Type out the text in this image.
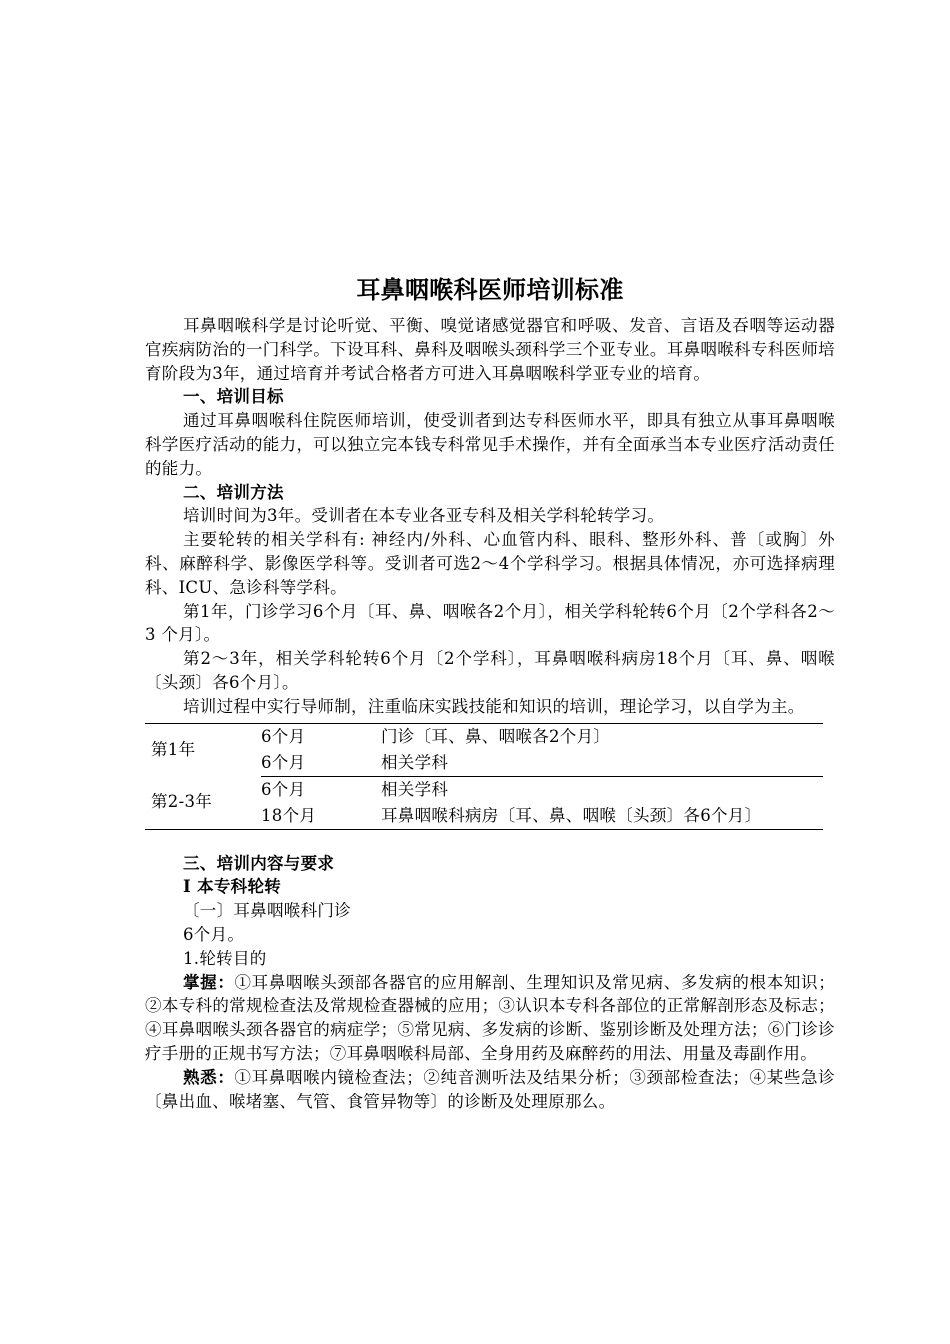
耳鼻咽喉科医师培训标准

耳鼻咽喉科学是讨论听觉、平衡、嗅觉诸感觉器官和呼吸、发音、言语及吞咽等运动器官疾病防治的一门科学。下设耳科、鼻科及咽喉头颈科学三个亚专业。耳鼻咽喉科专科医师培育阶段为3年，通过培育并考试合格者方可进入耳鼻咽喉科学亚专业的培育。

一、培训目标

通过耳鼻咽喉科住院医师培训，使受训者到达专科医师水平，即具有独立从事耳鼻咽喉科学医疗活动的能力，可以独立完本钱专科常见手术操作，并有全面承当本专业医疗活动责任的能力。

二、培训方法

培训时间为3年。受训者在本专业各亚专科及相关学科轮转学习。

主要轮转的相关学科有: 神经内/外科、心血管内科、眼科、整形外科、普〔或胸〕外科、麻醉科学、影像医学科等。受训者可选2～4个学科学习。根据具体情况，亦可选择病理科、ICU、急诊科等学科。

第1年，门诊学习6个月〔耳、鼻、咽喉各2个月〕，相关学科轮转6个月〔2个学科各2～3 个月〕。

第2～3年，相关学科轮转6个月〔2个学科〕，耳鼻咽喉科病房18个月〔耳、鼻、咽喉〔头颈〕各6个月〕。

培训过程中实行导师制，注重临床实践技能和知识的培训，理论学习，以自学为主。

第1年	6个月	门诊〔耳、鼻、咽喉各2个月〕
	6个月	相关学科
第2-3年	6个月	相关学科
	18个月	耳鼻咽喉科病房〔耳、鼻、咽喉〔头颈〕各6个月〕

三、培训内容与要求

Ⅰ 本专科轮转

〔一〕耳鼻咽喉科门诊

6个月。

1.轮转目的

掌握：①耳鼻咽喉头颈部各器官的应用解剖、生理知识及常见病、多发病的根本知识；②本专科的常规检查法及常规检查器械的应用；③认识本专科各部位的正常解剖形态及标志；④耳鼻咽喉头颈各器官的病症学；⑤常见病、多发病的诊断、鉴别诊断及处理方法；⑥门诊诊疗手册的正规书写方法；⑦耳鼻咽喉科局部、全身用药及麻醉药的用法、用量及毒副作用。

熟悉：①耳鼻咽喉内镜检查法；②纯音测听法及结果分析；③颈部检查法；④某些急诊〔鼻出血、喉堵塞、气管、食管异物等〕的诊断及处理原那么。
